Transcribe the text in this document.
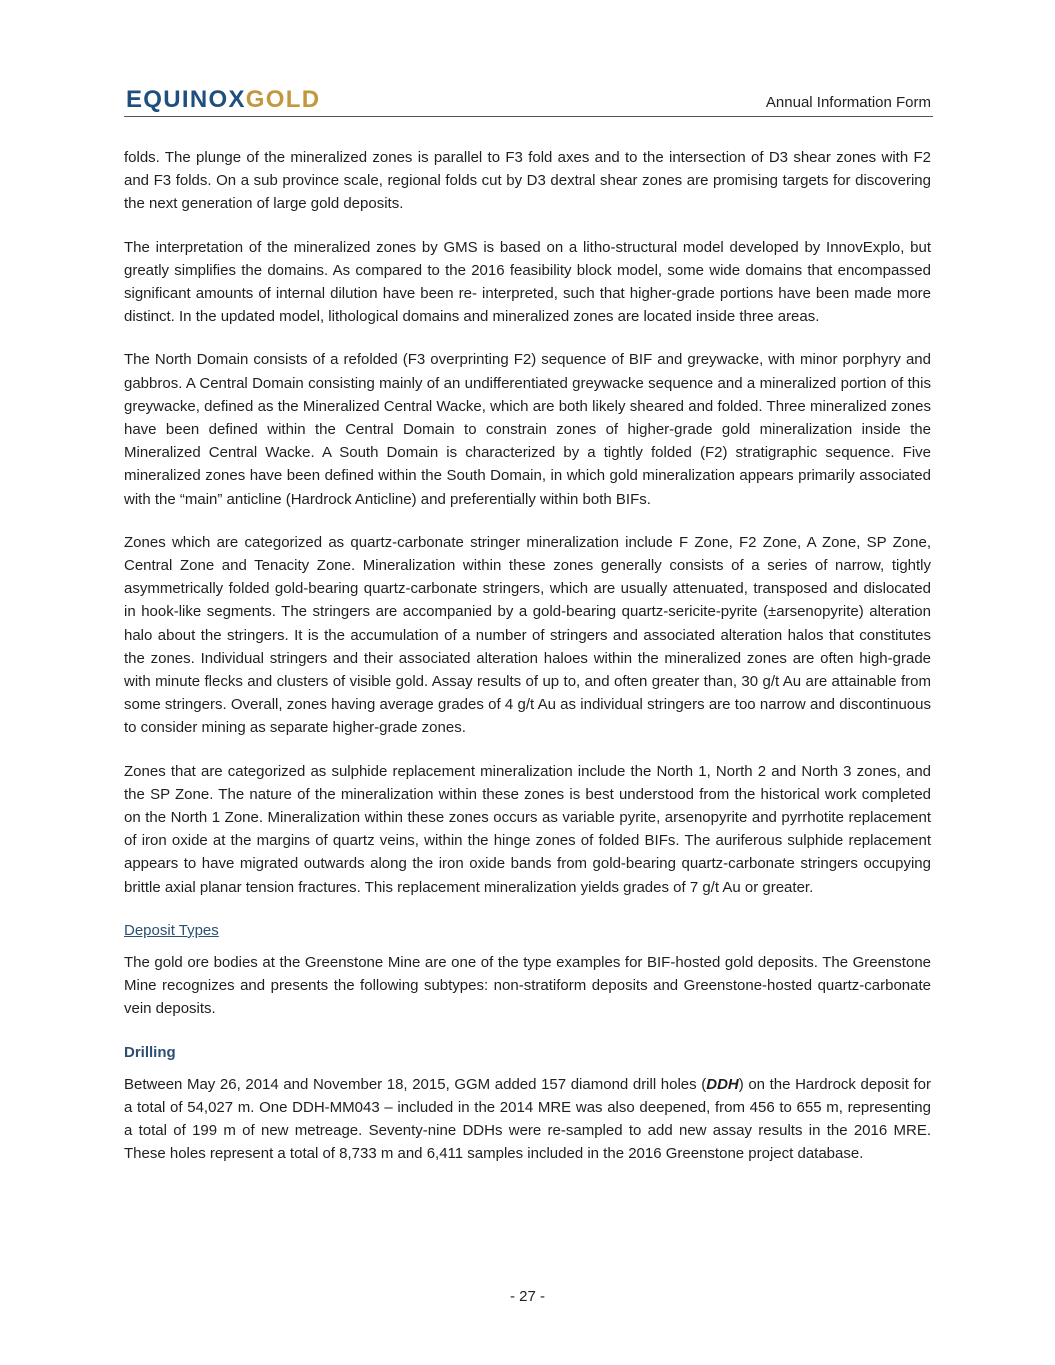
EQUINOXGOLD	Annual Information Form

folds. The plunge of the mineralized zones is parallel to F3 fold axes and to the intersection of D3 shear zones with F2 and F3 folds. On a sub province scale, regional folds cut by D3 dextral shear zones are promising targets for discovering the next generation of large gold deposits.

The interpretation of the mineralized zones by GMS is based on a litho-structural model developed by InnovExplo, but greatly simplifies the domains. As compared to the 2016 feasibility block model, some wide domains that encompassed significant amounts of internal dilution have been re- interpreted, such that higher-grade portions have been made more distinct. In the updated model, lithological domains and mineralized zones are located inside three areas.

The North Domain consists of a refolded (F3 overprinting F2) sequence of BIF and greywacke, with minor porphyry and gabbros. A Central Domain consisting mainly of an undifferentiated greywacke sequence and a mineralized portion of this greywacke, defined as the Mineralized Central Wacke, which are both likely sheared and folded. Three mineralized zones have been defined within the Central Domain to constrain zones of higher-grade gold mineralization inside the Mineralized Central Wacke. A South Domain is characterized by a tightly folded (F2) stratigraphic sequence. Five mineralized zones have been defined within the South Domain, in which gold mineralization appears primarily associated with the “main” anticline (Hardrock Anticline) and preferentially within both BIFs.

Zones which are categorized as quartz-carbonate stringer mineralization include F Zone, F2 Zone, A Zone, SP Zone, Central Zone and Tenacity Zone. Mineralization within these zones generally consists of a series of narrow, tightly asymmetrically folded gold-bearing quartz-carbonate stringers, which are usually attenuated, transposed and dislocated in hook-like segments. The stringers are accompanied by a gold-bearing quartz-sericite-pyrite (±arsenopyrite) alteration halo about the stringers. It is the accumulation of a number of stringers and associated alteration halos that constitutes the zones. Individual stringers and their associated alteration haloes within the mineralized zones are often high-grade with minute flecks and clusters of visible gold. Assay results of up to, and often greater than, 30 g/t Au are attainable from some stringers. Overall, zones having average grades of 4 g/t Au as individual stringers are too narrow and discontinuous to consider mining as separate higher-grade zones.

Zones that are categorized as sulphide replacement mineralization include the North 1, North 2 and North 3 zones, and the SP Zone. The nature of the mineralization within these zones is best understood from the historical work completed on the North 1 Zone. Mineralization within these zones occurs as variable pyrite, arsenopyrite and pyrrhotite replacement of iron oxide at the margins of quartz veins, within the hinge zones of folded BIFs. The auriferous sulphide replacement appears to have migrated outwards along the iron oxide bands from gold-bearing quartz-carbonate stringers occupying brittle axial planar tension fractures. This replacement mineralization yields grades of 7 g/t Au or greater.

Deposit Types

The gold ore bodies at the Greenstone Mine are one of the type examples for BIF-hosted gold deposits. The Greenstone Mine recognizes and presents the following subtypes: non-stratiform deposits and Greenstone-hosted quartz-carbonate vein deposits.

Drilling

Between May 26, 2014 and November 18, 2015, GGM added 157 diamond drill holes (DDH) on the Hardrock deposit for a total of 54,027 m. One DDH-MM043 – included in the 2014 MRE was also deepened, from 456 to 655 m, representing a total of 199 m of new metreage. Seventy-nine DDHs were re-sampled to add new assay results in the 2016 MRE. These holes represent a total of 8,733 m and 6,411 samples included in the 2016 Greenstone project database.

- 27 -
